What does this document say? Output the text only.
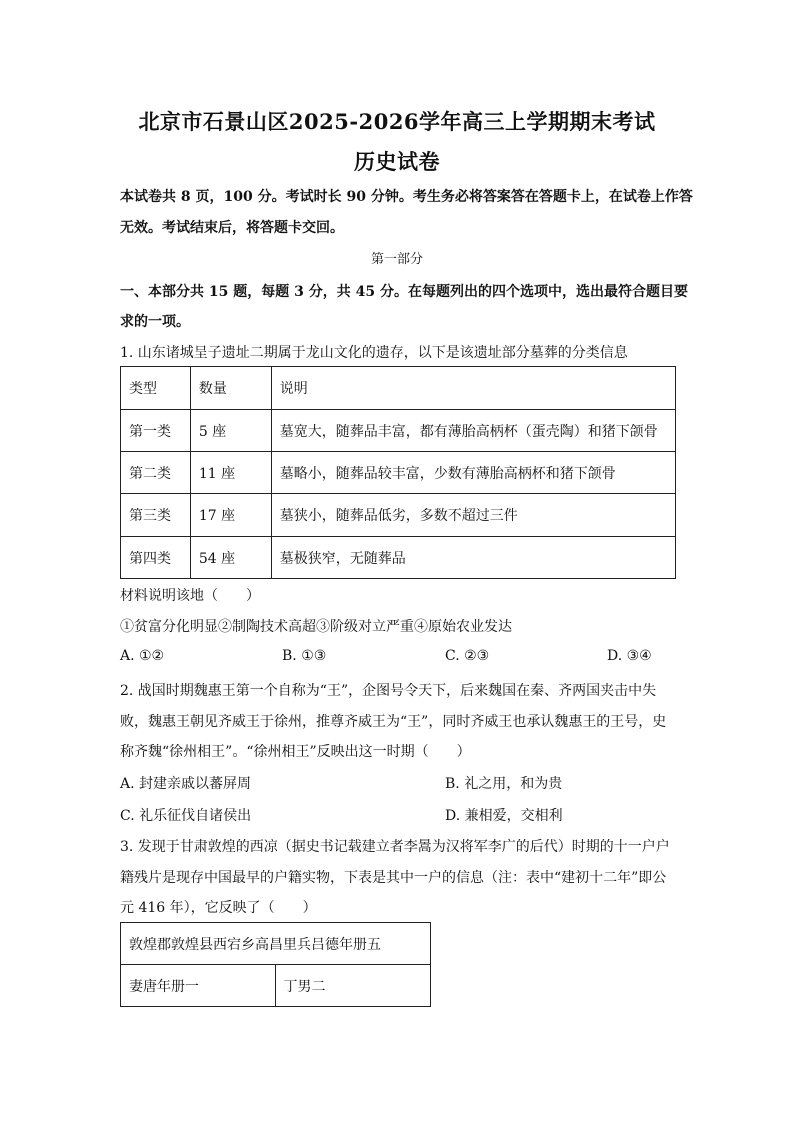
北京市石景山区2025-2026学年高三上学期期末考试
历史试卷
本试卷共 8 页，100 分。考试时长 90 分钟。考生务必将答案答在答题卡上，在试卷上作答
无效。考试结束后，将答题卡交回。
第一部分
一、本部分共 15 题，每题 3 分，共 45 分。在每题列出的四个选项中，选出最符合题目要
求的一项。
1. 山东诸城呈子遗址二期属于龙山文化的遗存，以下是该遗址部分墓葬的分类信息
类型	数量	说明
第一类	5 座	墓宽大，随葬品丰富，都有薄胎高柄杯（蛋壳陶）和猪下颌骨
第二类	11 座	墓略小，随葬品较丰富，少数有薄胎高柄杯和猪下颌骨
第三类	17 座	墓狭小，随葬品低劣，多数不超过三件
第四类	54 座	墓极狭窄，无随葬品
材料说明该地（　　）
①贫富分化明显②制陶技术高超③阶级对立严重④原始农业发达
A. ①②	B. ①③	C. ②③	D. ③④
2. 战国时期魏惠王第一个自称为“王”，企图号令天下，后来魏国在秦、齐两国夹击中失
败，魏惠王朝见齐威王于徐州，推尊齐威王为“王”，同时齐威王也承认魏惠王的王号，史
称齐魏“徐州相王”。“徐州相王”反映出这一时期（　　）
A. 封建亲戚以蕃屏周	B. 礼之用，和为贵
C. 礼乐征伐自诸侯出	D. 兼相爱，交相利
3. 发现于甘肃敦煌的西凉（据史书记载建立者李暠为汉将军李广的后代）时期的十一户户
籍残片是现存中国最早的户籍实物，下表是其中一户的信息（注：表中“建初十二年”即公
元 416 年），它反映了（　　）
敦煌郡敦煌县西宕乡高昌里兵吕德年册五
妻唐年册一	丁男二
